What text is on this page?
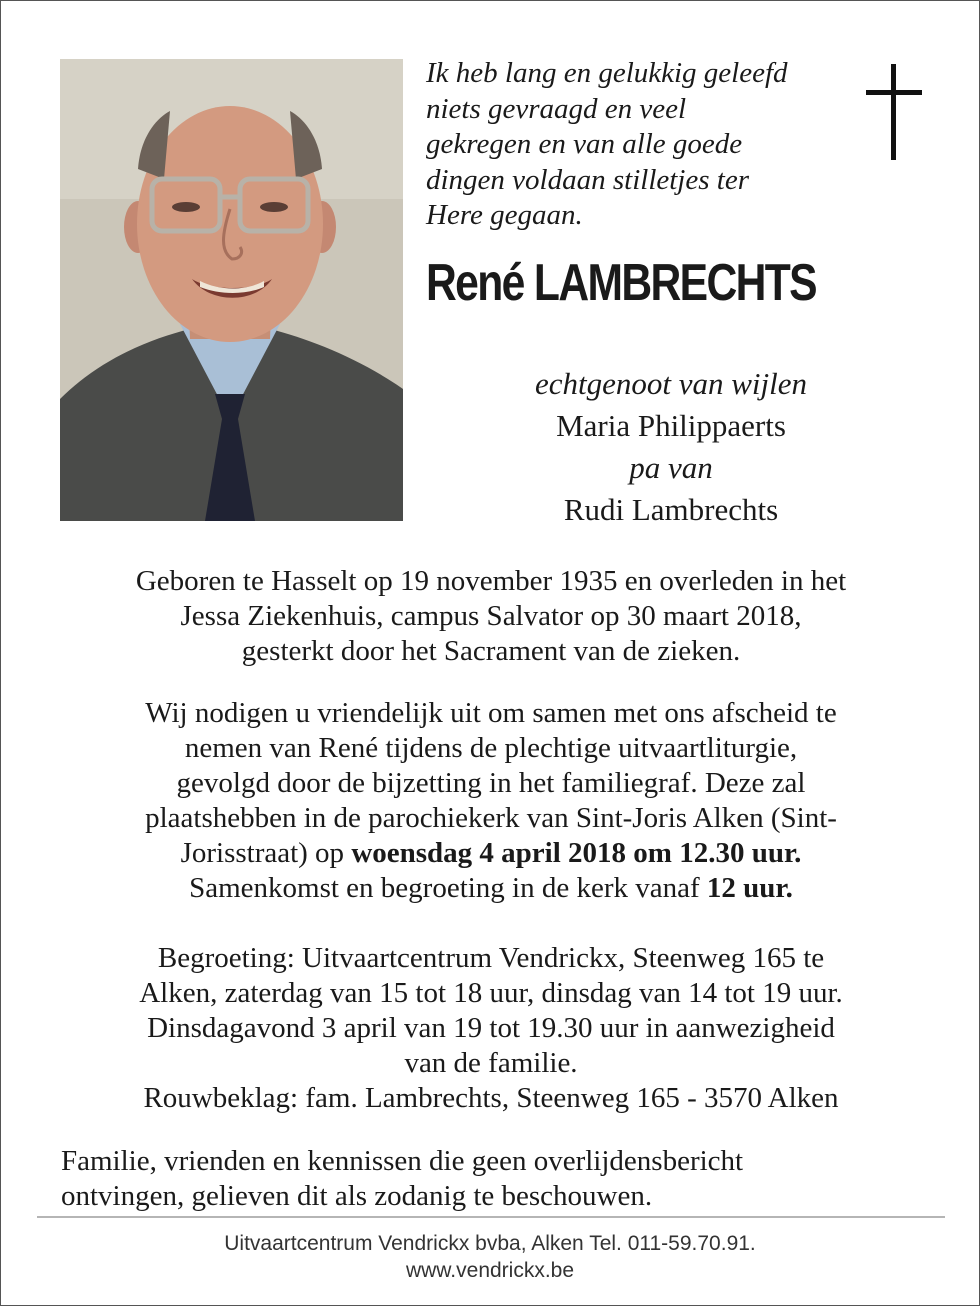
Ik heb lang en gelukkig geleefd
niets gevraagd en veel
gekregen en van alle goede
dingen voldaan stilletjes ter
Here gegaan.
René LAMBRECHTS
echtgenoot van wijlen
Maria Philippaerts
pa van
Rudi Lambrechts
Geboren te Hasselt op 19 november 1935 en overleden in het
Jessa Ziekenhuis, campus Salvator op 30 maart 2018,
gesterkt door het Sacrament van de zieken.
Wij nodigen u vriendelijk uit om samen met ons afscheid te
nemen van René tijdens de plechtige uitvaartliturgie,
gevolgd door de bijzetting in het familiegraf. Deze zal
plaatshebben in de parochiekerk van Sint-Joris Alken (Sint-
Jorisstraat) op woensdag 4 april 2018 om 12.30 uur.
Samenkomst en begroeting in de kerk vanaf 12 uur.
Begroeting: Uitvaartcentrum Vendrickx, Steenweg 165 te
Alken, zaterdag van 15 tot 18 uur, dinsdag van 14 tot 19 uur.
Dinsdagavond 3 april van 19 tot 19.30 uur in aanwezigheid
van de familie.
Rouwbeklag: fam. Lambrechts, Steenweg 165 - 3570 Alken
Familie, vrienden en kennissen die geen overlijdensbericht
ontvingen, gelieven dit als zodanig te beschouwen.
Uitvaartcentrum Vendrickx bvba, Alken Tel. 011-59.70.91.
www.vendrickx.be
